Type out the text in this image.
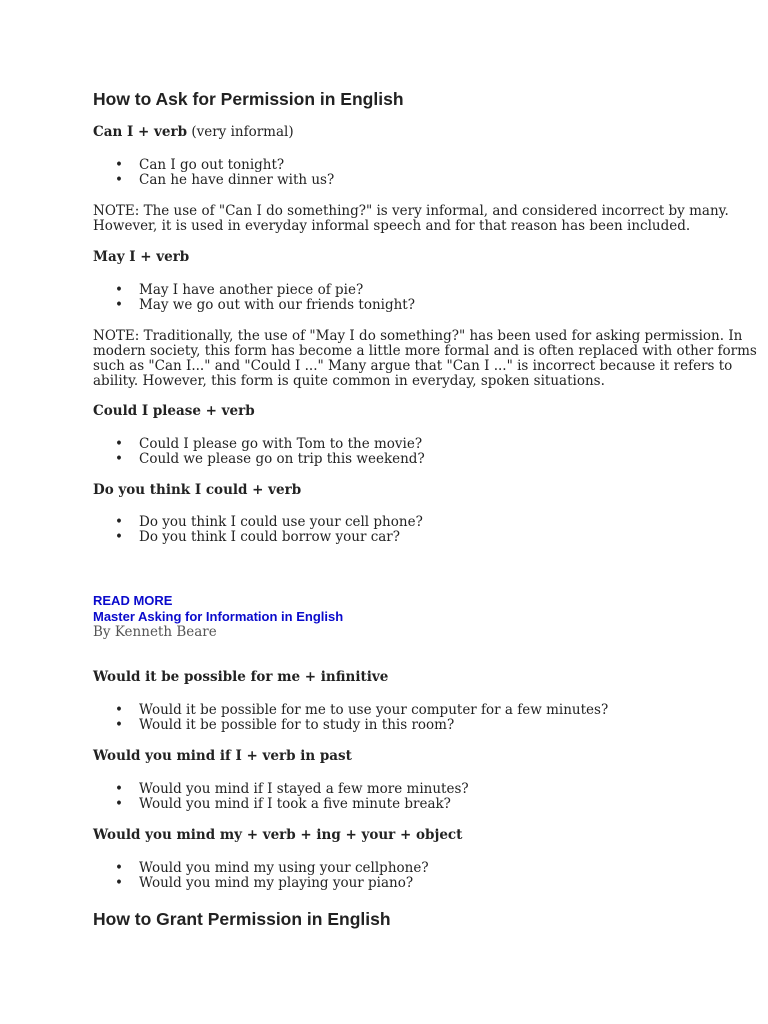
How to Ask for Permission in English

Can I + verb (very informal)

• Can I go out tonight?
• Can he have dinner with us?
NOTE: The use of "Can I do something?" is very informal, and considered incorrect by many.
However, it is used in everyday informal speech and for that reason has been included.

May I + verb

• May I have another piece of pie?
• May we go out with our friends tonight?
NOTE: Traditionally, the use of "May I do something?" has been used for asking permission. In
modern society, this form has become a little more formal and is often replaced with other forms
such as "Can I..." and "Could I ..." Many argue that "Can I ..." is incorrect because it refers to
ability. However, this form is quite common in everyday, spoken situations.

Could I please + verb

• Could I please go with Tom to the movie?
• Could we please go on trip this weekend?

Do you think I could + verb

• Do you think I could use your cell phone?
• Do you think I could borrow your car?
READ MORE
Master Asking for Information in English

By Kenneth Beare

Would it be possible for me + infinitive

• Would it be possible for me to use your computer for a few minutes?
• Would it be possible for to study in this room?

Would you mind if I + verb in past

• Would you mind if I stayed a few more minutes?
• Would you mind if I took a five minute break?

Would you mind my + verb + ing + your + object

• Would you mind my using your cellphone?
• Would you mind my playing your piano?
How to Grant Permission in English
